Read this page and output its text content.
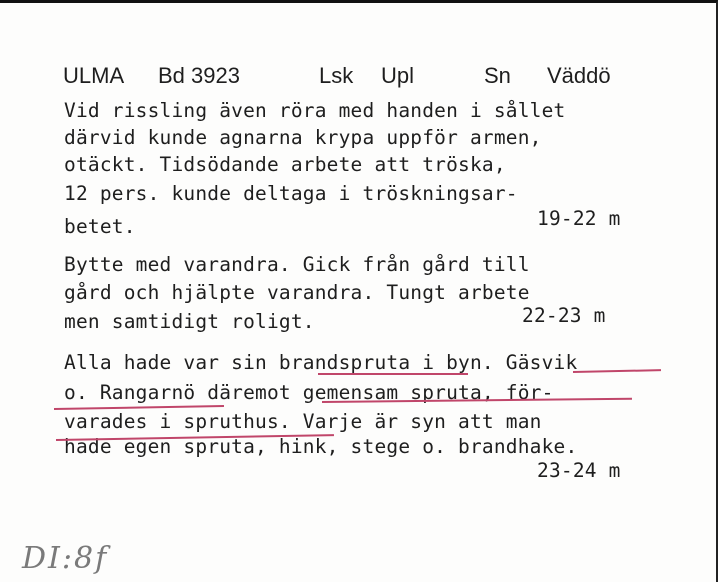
ULMA Bd 3923	Lsk Upl	Sn Väddö
Vid rissling även röra med handen i sållet
därvid kunde agnarna krypa uppför armen,
otäckt. Tidsödande arbete att tröska,
12 pers. kunde deltaga i tröskningsar-
betet.	19-22 m
Bytte med varandra. Gick från gård till
gård och hjälpte varandra. Tungt arbete
men samtidigt roligt.	22-23 m
Alla hade var sin brandspruta i byn. Gäsvik
o. Rangarnö däremot gemensam spruta, för-
varades i spruthus. Varje är syn att man
hade egen spruta, hink, stege o. brandhake.
23-24 m
DI:8f
